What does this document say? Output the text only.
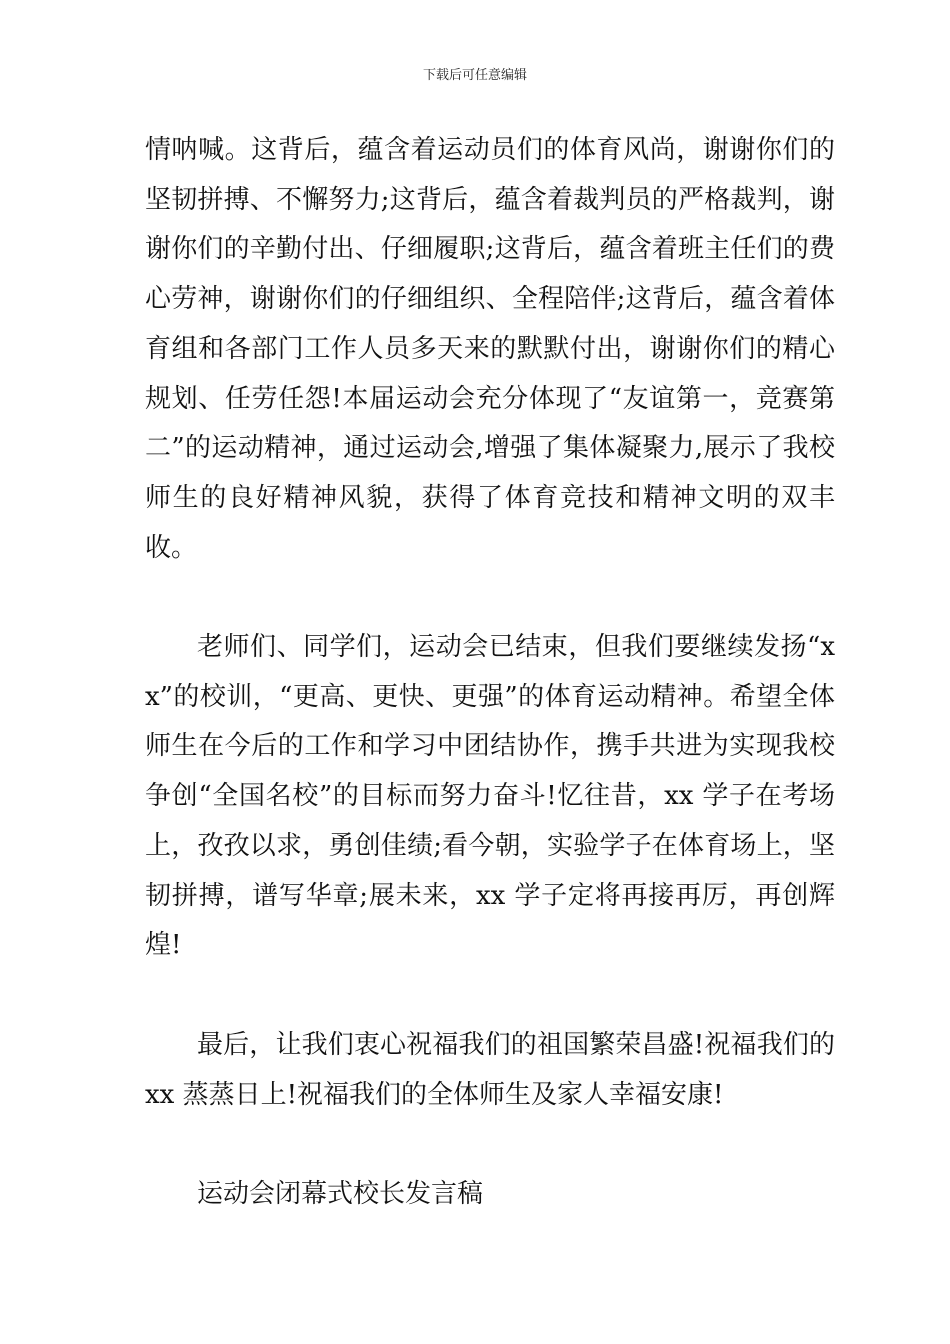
下载后可任意编辑

情呐喊。这背后，蕴含着运动员们的体育风尚，谢谢你们的坚韧拼搏、不懈努力;这背后，蕴含着裁判员的严格裁判，谢谢你们的辛勤付出、仔细履职;这背后，蕴含着班主任们的费心劳神，谢谢你们的仔细组织、全程陪伴;这背后，蕴含着体育组和各部门工作人员多天来的默默付出，谢谢你们的精心规划、任劳任怨!本届运动会充分体现了“友谊第一，竞赛第二”的运动精神，通过运动会,增强了集体凝聚力,展示了我校师生的良好精神风貌，获得了体育竞技和精神文明的双丰收。

老师们、同学们，运动会已结束，但我们要继续发扬“xx”的校训，“更高、更快、更强”的体育运动精神。希望全体师生在今后的工作和学习中团结协作，携手共进为实现我校争创“全国名校”的目标而努力奋斗!忆往昔，xx 学子在考场上，孜孜以求，勇创佳绩;看今朝，实验学子在体育场上，坚韧拼搏，谱写华章;展未来，xx 学子定将再接再厉，再创辉煌!

最后，让我们衷心祝福我们的祖国繁荣昌盛!祝福我们的 xx 蒸蒸日上!祝福我们的全体师生及家人幸福安康!

运动会闭幕式校长发言稿
